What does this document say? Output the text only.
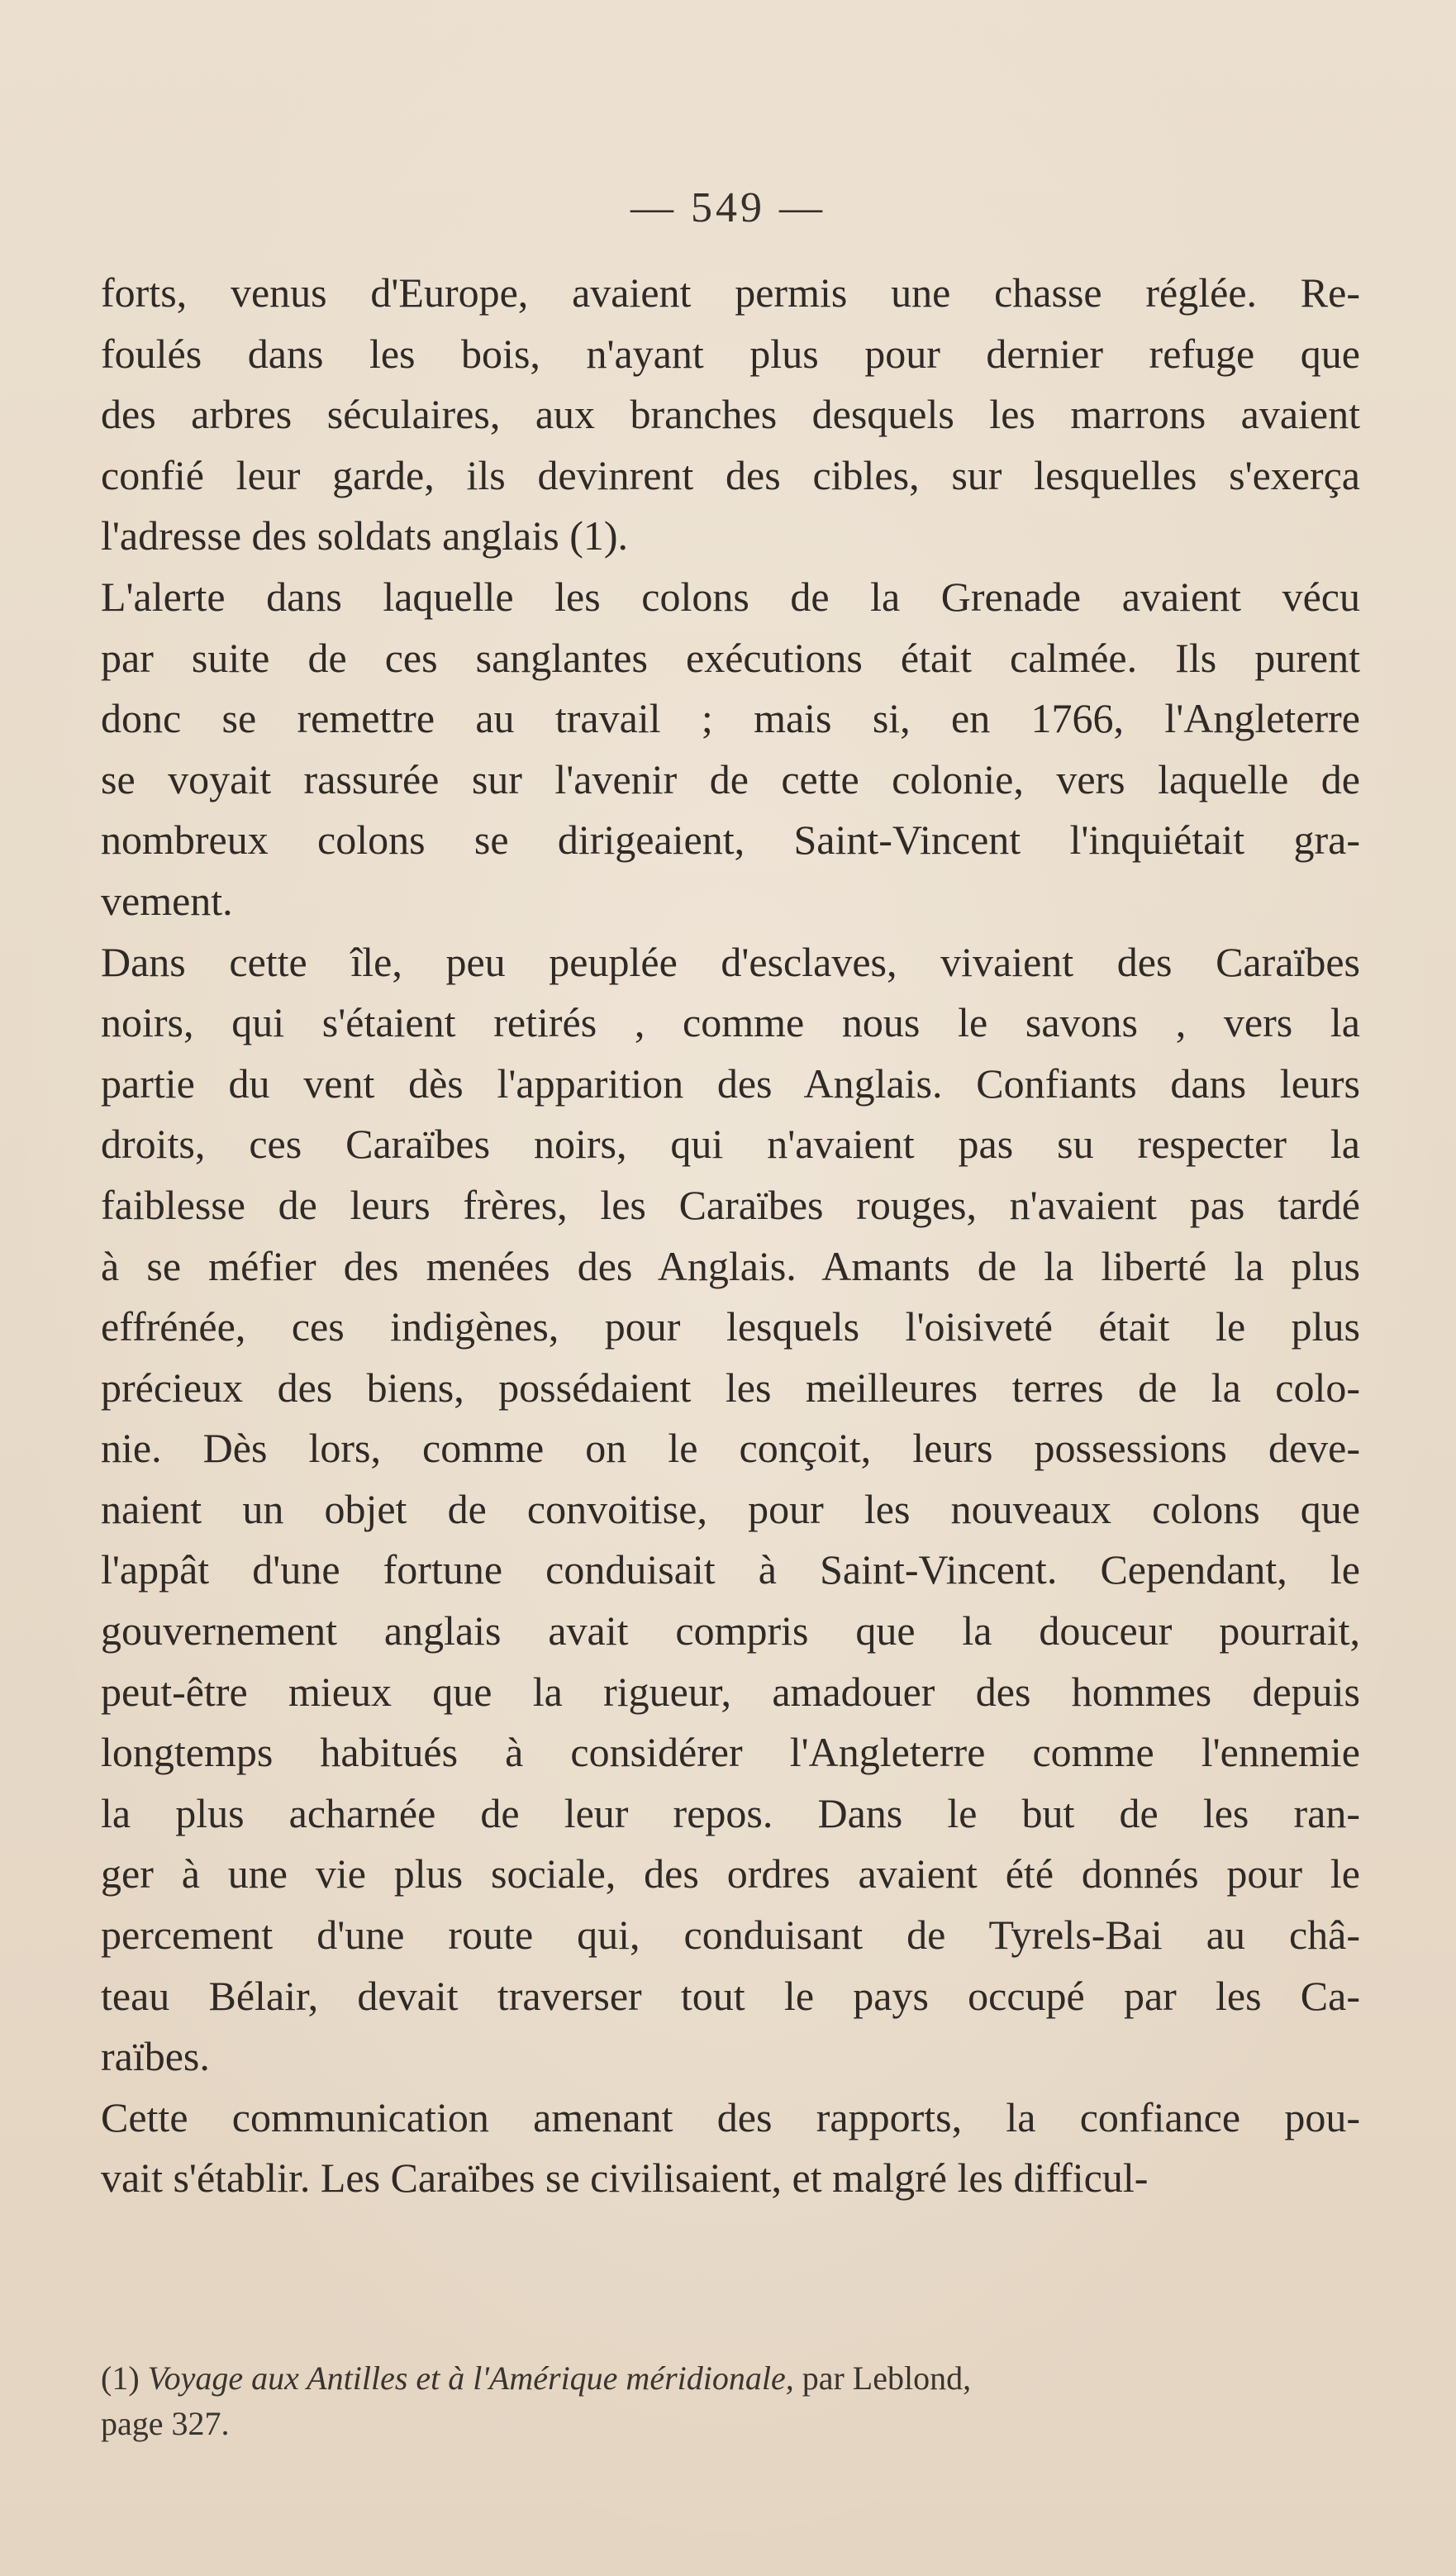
— 549 —
forts, venus d'Europe, avaient permis une chasse réglée. Re-
foulés dans les bois, n'ayant plus pour dernier refuge que
des arbres séculaires, aux branches desquels les marrons avaient
confié leur garde, ils devinrent des cibles, sur lesquelles s'exerça
l'adresse des soldats anglais (1).
L'alerte dans laquelle les colons de la Grenade avaient vécu
par suite de ces sanglantes exécutions était calmée. Ils purent
donc se remettre au travail ; mais si, en 1766, l'Angleterre
se voyait rassurée sur l'avenir de cette colonie, vers laquelle de
nombreux colons se dirigeaient, Saint-Vincent l'inquiétait gra-
vement.
Dans cette île, peu peuplée d'esclaves, vivaient des Caraïbes
noirs, qui s'étaient retirés , comme nous le savons , vers la
partie du vent dès l'apparition des Anglais. Confiants dans leurs
droits, ces Caraïbes noirs, qui n'avaient pas su respecter la
faiblesse de leurs frères, les Caraïbes rouges, n'avaient pas tardé
à se méfier des menées des Anglais. Amants de la liberté la plus
effrénée, ces indigènes, pour lesquels l'oisiveté était le plus
précieux des biens, possédaient les meilleures terres de la colo-
nie. Dès lors, comme on le conçoit, leurs possessions deve-
naient un objet de convoitise, pour les nouveaux colons que
l'appât d'une fortune conduisait à Saint-Vincent. Cependant, le
gouvernement anglais avait compris que la douceur pourrait,
peut-être mieux que la rigueur, amadouer des hommes depuis
longtemps habitués à considérer l'Angleterre comme l'ennemie
la plus acharnée de leur repos. Dans le but de les ran-
ger à une vie plus sociale, des ordres avaient été donnés pour le
percement d'une route qui, conduisant de Tyrels-Bai au châ-
teau Bélair, devait traverser tout le pays occupé par les Ca-
raïbes.
Cette communication amenant des rapports, la confiance pou-
vait s'établir. Les Caraïbes se civilisaient, et malgré les difficul-
(1) Voyage aux Antilles et à l'Amérique méridionale, par Leblond,
page 327.
